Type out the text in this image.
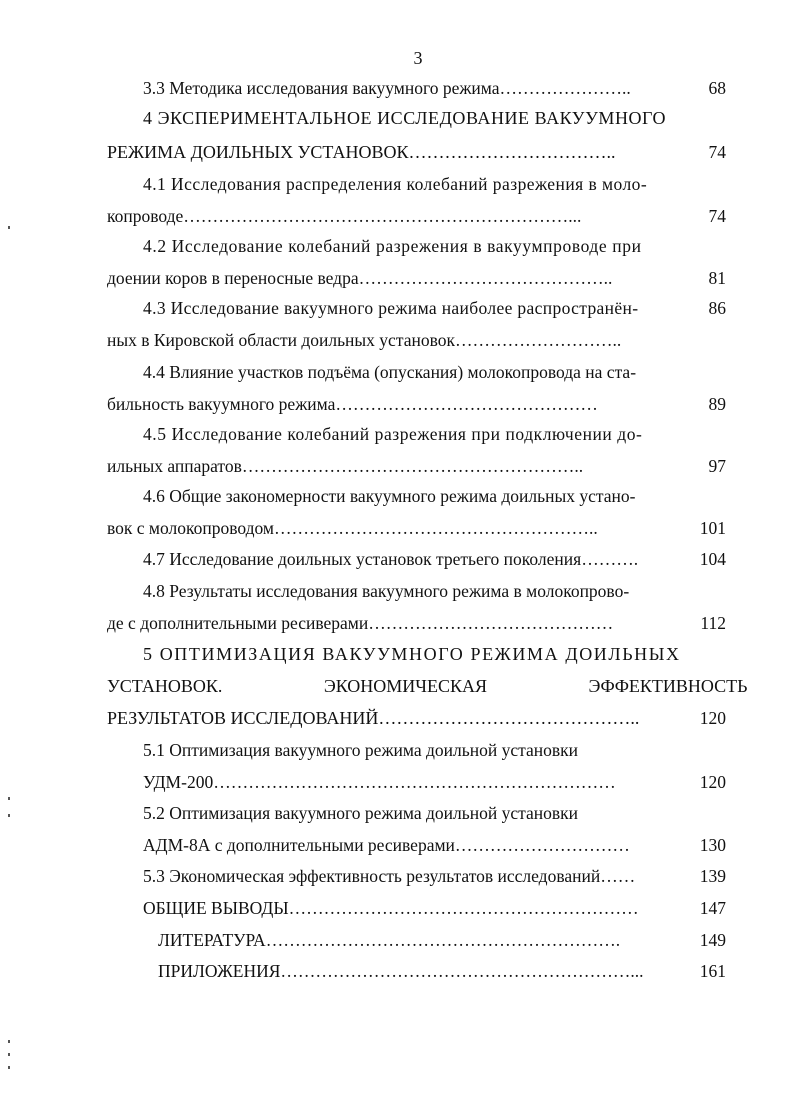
3
3.3 Методика исследования вакуумного режима…………………..	68
4 ЭКСПЕРИМЕНТАЛЬНОЕ ИССЛЕДОВАНИЕ ВАКУУМНОГО
РЕЖИМА ДОИЛЬНЫХ УСТАНОВОК……………………………..	74
4.1 Исследования распределения колебаний разрежения в моло-
копроводе…………………………………………………………...	74
4.2 Исследование колебаний разрежения в вакуумпроводе при
доении коров в переносные ведра……………………………………..	81
4.3 Исследование вакуумного режима наиболее распространён-	86
ных в Кировской области доильных установок………………………..
4.4 Влияние участков подъёма (опускания) молокопровода на ста-
бильность вакуумного режима………………………………………	89
4.5 Исследование колебаний разрежения при подключении до-
ильных аппаратов…………………………………………………..	97
4.6 Общие закономерности вакуумного режима доильных устано-
вок с молокопроводом………………………………………………..	101
4.7 Исследование доильных установок третьего поколения……….	104
4.8 Результаты исследования вакуумного режима в молокопрово-
де с дополнительными ресиверами……………………………………	112
5 ОПТИМИЗАЦИЯ ВАКУУМНОГО РЕЖИМА ДОИЛЬНЫХ
УСТАНОВОК. ЭКОНОМИЧЕСКАЯ ЭФФЕКТИВНОСТЬ
РЕЗУЛЬТАТОВ ИССЛЕДОВАНИЙ……………………………………..	120
5.1 Оптимизация вакуумного режима доильной установки
УДМ-200……………………………………………………………	120
5.2 Оптимизация вакуумного режима доильной установки
АДМ-8А с дополнительными ресиверами…………………………	130
5.3 Экономическая эффективность результатов исследований……	139
ОБЩИЕ ВЫВОДЫ……………………………………………………	147
ЛИТЕРАТУРА…………………………………………………….	149
ПРИЛОЖЕНИЯ……………………………………………………...	161
